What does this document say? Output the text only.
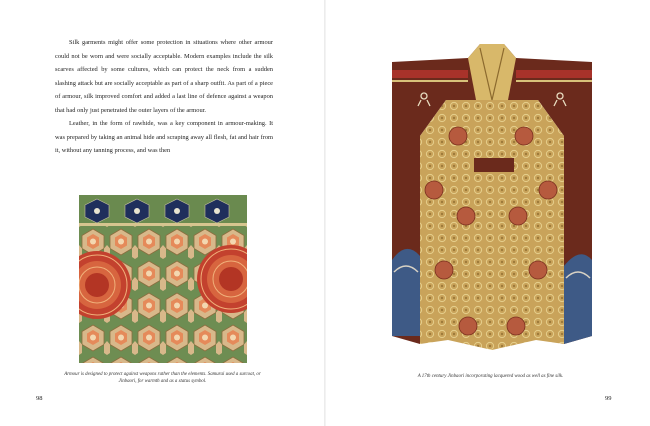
Silk garments might offer some protection in situations where other armour could not be worn and were socially acceptable. Modern examples include the silk scarves affected by some cultures, which can protect the neck from a sudden slashing attack but are socially acceptable as part of a sharp outfit. As part of a piece of armour, silk improved comfort and added a last line of defence against a weapon that had only just penetrated the outer layers of the armour.

Leather, in the form of rawhide, was a key component in armour-making. It was prepared by taking an animal hide and scraping away all flesh, fat and hair from it, without any tanning process, and was then

Armour is designed to protect against weapons rather than the elements. Samurai used a surcoat, or Jinbaori, for warmth and as a status symbol.
98
A 17th century Jinbaori incorporating lacquered wood as well as fine silk.
99
